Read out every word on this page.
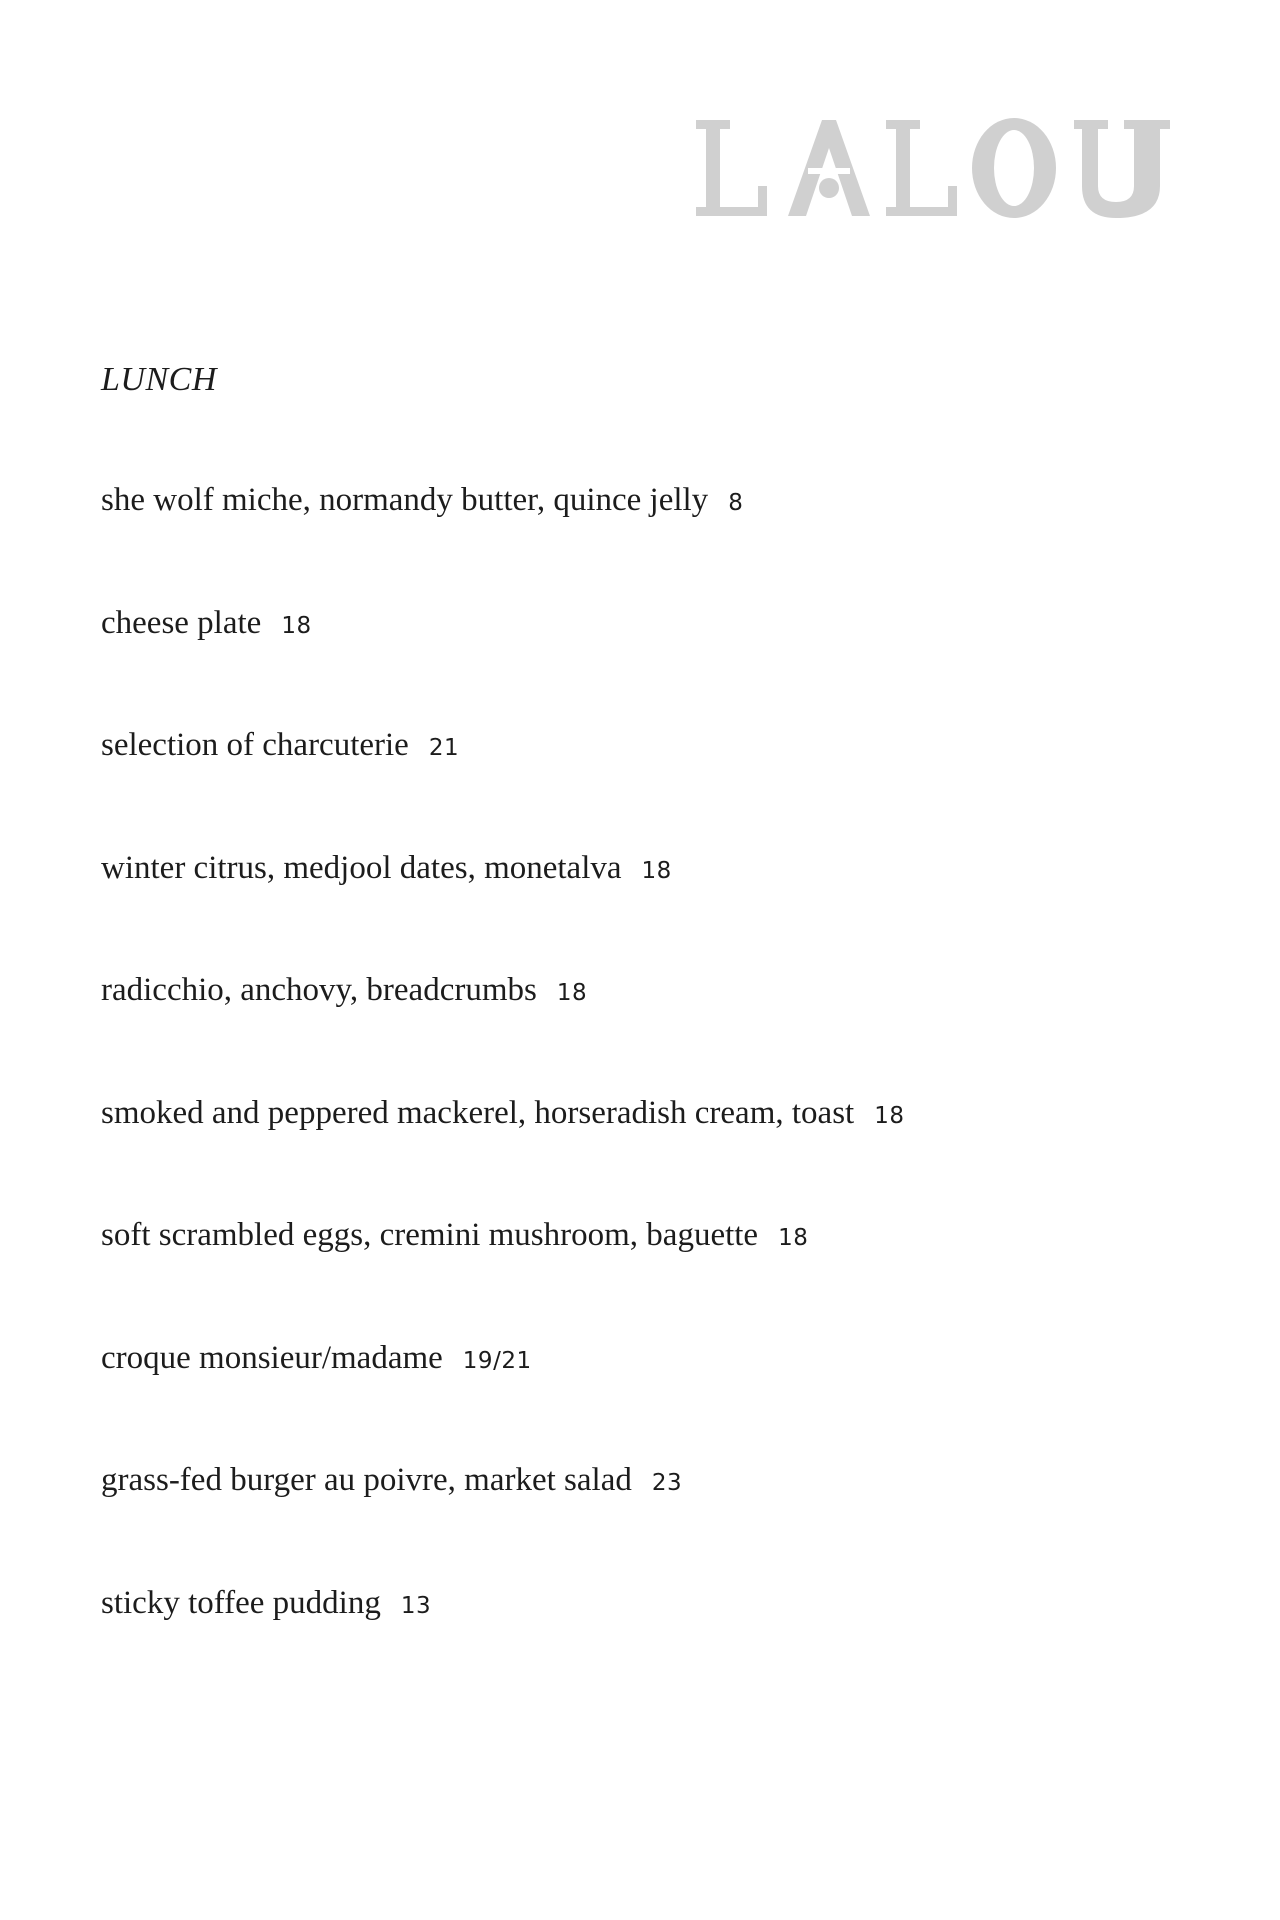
LUNCH
she wolf miche, normandy butter, quince jelly 8
cheese plate 18
selection of charcuterie 21
winter citrus, medjool dates, monetalva 18
radicchio, anchovy, breadcrumbs 18
smoked and peppered mackerel, horseradish cream, toast 18
soft scrambled eggs, cremini mushroom, baguette 18
croque monsieur/madame 19/21
grass-fed burger au poivre, market salad 23
sticky toffee pudding 13
